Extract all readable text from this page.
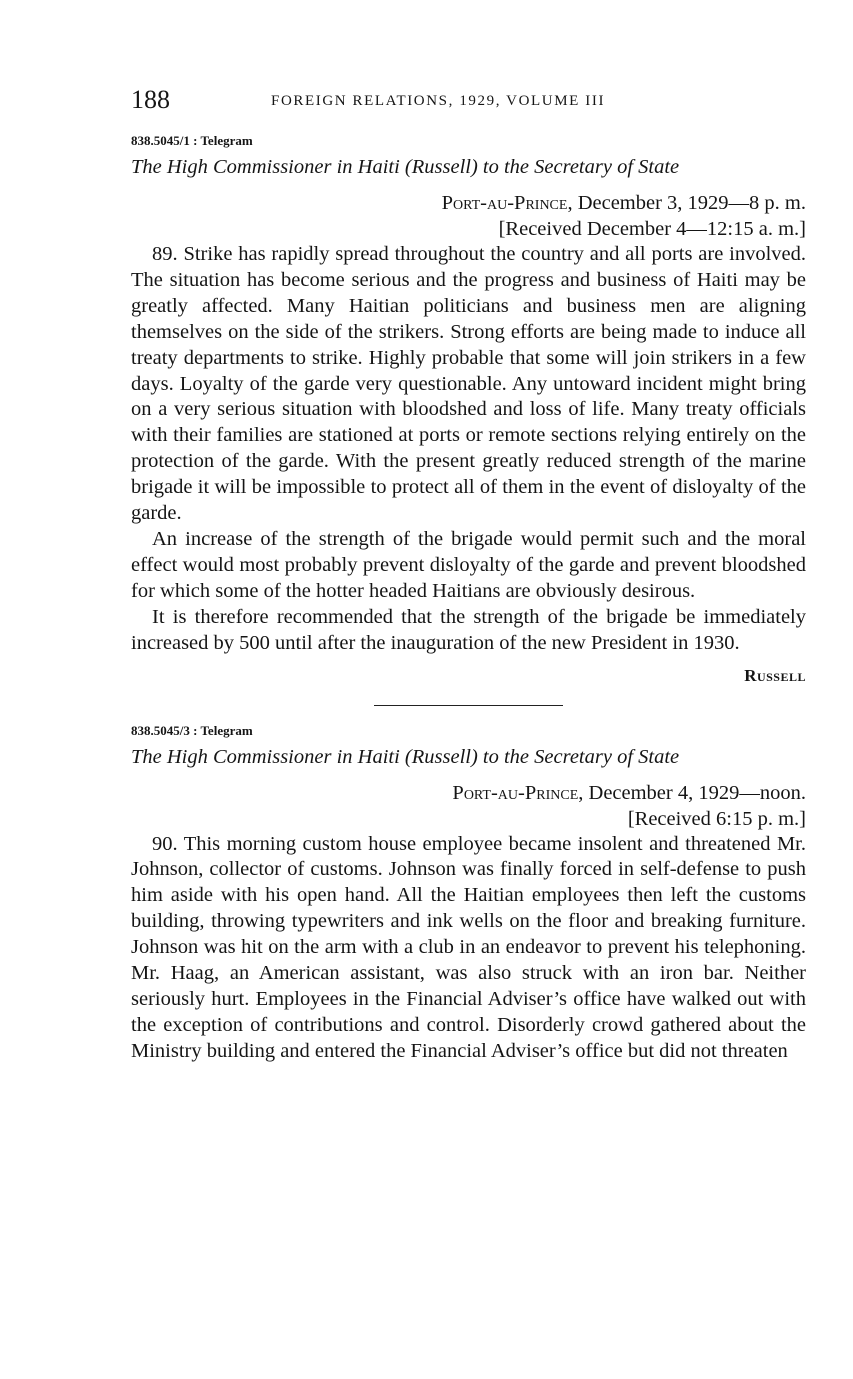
188	FOREIGN RELATIONS, 1929, VOLUME III

838.5045/1 : Telegram

The High Commissioner in Haiti (Russell) to the Secretary of State

Port-au-Prince, December 3, 1929—8 p. m.

[Received December 4—12:15 a. m.]

89. Strike has rapidly spread throughout the country and all ports are involved. The situation has become serious and the progress and business of Haiti may be greatly affected. Many Haitian politicians and business men are aligning themselves on the side of the strikers. Strong efforts are being made to induce all treaty departments to strike. Highly probable that some will join strikers in a few days. Loyalty of the garde very questionable. Any untoward incident might bring on a very serious situation with bloodshed and loss of life. Many treaty officials with their families are stationed at ports or remote sections relying entirely on the protection of the garde. With the present greatly reduced strength of the marine brigade it will be impossible to protect all of them in the event of disloyalty of the garde.

An increase of the strength of the brigade would permit such and the moral effect would most probably prevent disloyalty of the garde and prevent bloodshed for which some of the hotter headed Haitians are obviously desirous.

It is therefore recommended that the strength of the brigade be immediately increased by 500 until after the inauguration of the new President in 1930.

Russell

838.5045/3 : Telegram

The High Commissioner in Haiti (Russell) to the Secretary of State

Port-au-Prince, December 4, 1929—noon.

[Received 6:15 p. m.]

90. This morning custom house employee became insolent and threatened Mr. Johnson, collector of customs. Johnson was finally forced in self-defense to push him aside with his open hand. All the Haitian employees then left the customs building, throwing typewriters and ink wells on the floor and breaking furniture. Johnson was hit on the arm with a club in an endeavor to prevent his telephoning. Mr. Haag, an American assistant, was also struck with an iron bar. Neither seriously hurt. Employees in the Financial Adviser’s office have walked out with the exception of contributions and control. Disorderly crowd gathered about the Ministry building and entered the Financial Adviser’s office but did not threaten
